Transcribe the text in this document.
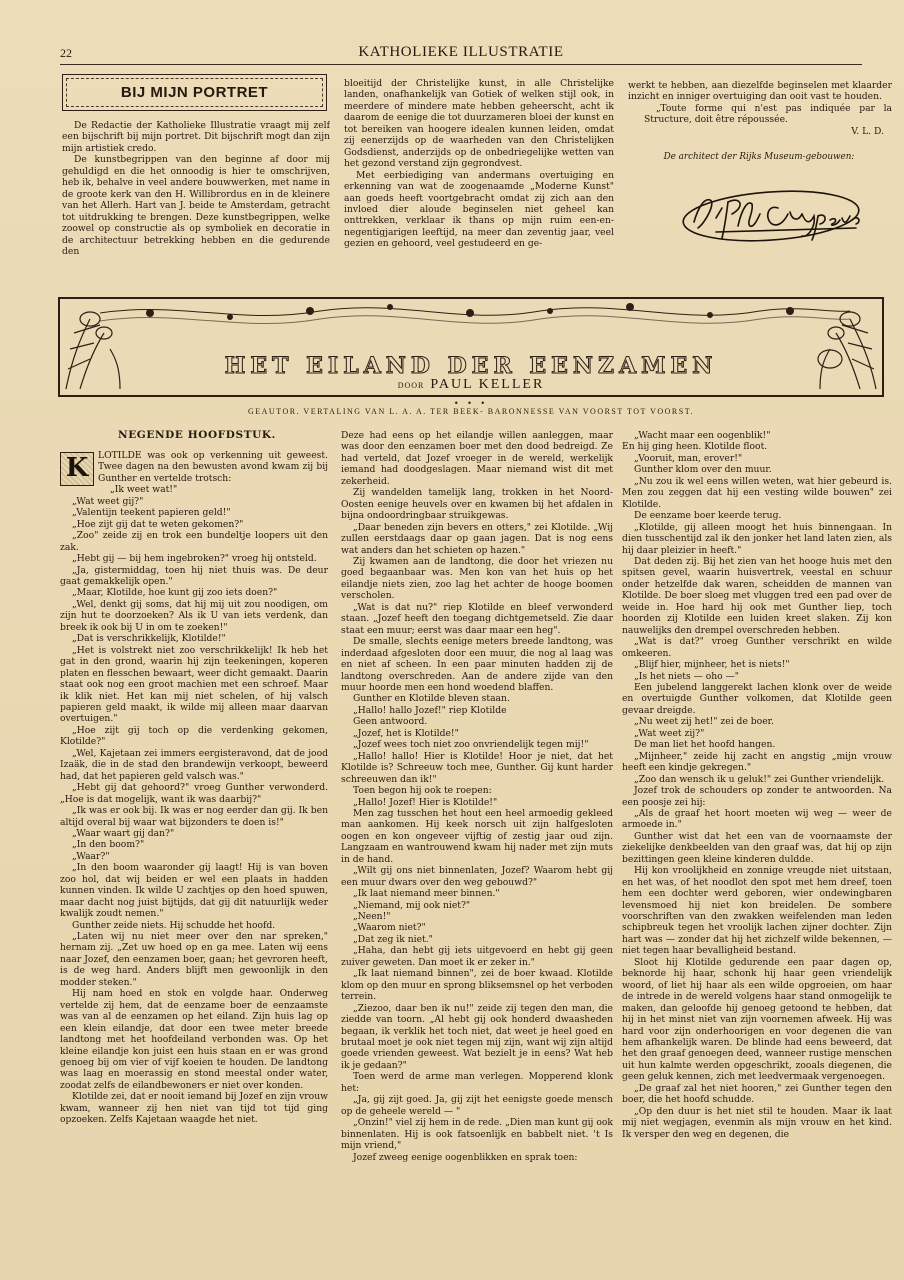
22	KATHOLIEKE ILLUSTRATIE
BIJ MIJN PORTRET

De Redactie der Katholieke Illustratie vraagt mij zelf een bijschrift bij mijn portret. Dit bijschrift mogt dan zijn mijn artistiek credo.

De kunstbegrippen van den beginne af door mij gehuldigd en die het onnoodig is hier te omschrijven, heb ik, behalve in veel andere bouwwerken, met name in de groote kerk van den H. Willibrordus en in de kleinere van het Allerh. Hart van J. beide te Amsterdam, getracht tot uitdrukking te brengen. Deze kunstbegrippen, welke zoowel op constructie als op symboliek en decoratie in de architectuur betrekking hebben en die gedurende den

bloeitijd der Christelijke kunst, in alle Christelijke landen, onafhankelijk van Gotiek of welken stijl ook, in meerdere of mindere mate hebben geheerscht, acht ik daarom de eenige die tot duurzameren bloei der kunst en tot bereiken van hoogere idealen kunnen leiden, omdat zij eenerzijds op de waarheden van den Christelijken Godsdienst, anderzijds op de onbedriegelijke wetten van het gezond verstand zijn gegrondvest.

Met eerbiediging van andermans overtuiging en erkenning van wat de zoogenaamde „Moderne Kunst" aan goeds heeft voortgebracht omdat zij zich aan den invloed dier aloude beginselen niet geheel kan onttrekken, verklaar ik thans op mijn ruim een-en-negentigjarigen leeftijd, na meer dan zeventig jaar, veel gezien en gehoord, veel gestudeerd en ge-

werkt te hebben, aan diezelfde beginselen met klaarder inzicht en inniger overtuiging dan ooit vast te houden.

„Toute forme qui n'est pas indiquée par la Structure, doit être répoussée.

V. L. D.
De architect der Rijks Museum-gebouwen:
HET EILAND DER EENZAMEN
DOOR PAUL KELLER
• • •
GEAUTOR. VERTALING VAN L. A. A. TER BEEK- BARONNESSE VAN VOORST TOT VOORST.
NEGENDE HOOFDSTUK.
K	LOTILDE was ook op verkenning uit geweest. Twee dagen na den bewusten avond kwam zij bij Gunther en vertelde trotsch:

„Ik weet wat!"

„Wat weet gij?"

„Valentijn teekent papieren geld!"

„Hoe zijt gij dat te weten gekomen?"

„Zoo" zeide zij en trok een bundeltje loopers uit den zak.

„Hebt gij — bij hem ingebroken?" vroeg hij ontsteld.

„Ja, gistermiddag, toen hij niet thuis was. De deur gaat gemakkelijk open."

„Maar, Klotilde, hoe kunt gij zoo iets doen?"

„Wel, denkt gij soms, dat hij mij uit zou noodigen, om zijn hut te doorzoeken? Als ik U van iets verdenk, dan breek ik ook bij U in om te zoeken!"

„Dat is verschrikkelijk, Klotilde!"

„Het is volstrekt niet zoo verschrikkelijk! Ik heb het gat in den grond, waarin hij zijn teekeningen, koperen platen en flesschen bewaart, weer dicht gemaakt. Daarin staat ook nog een groot machien met een schroef. Maar ik klik niet. Het kan mij niet schelen, of hij valsch papieren geld maakt, ik wilde mij alleen maar daarvan overtuigen."

„Hoe zijt gij toch op die verdenking gekomen, Klotilde?"

„Wel, Kajetaan zei immers eergisteravond, dat de jood Izaäk, die in de stad den brandewijn verkoopt, beweerd had, dat het papieren geld valsch was."

„Hebt gij dat gehoord?" vroeg Gunther verwonderd. „Hoe is dat mogelijk, want ik was daarbij?"

„Ik was er ook bij. Ik was er nog eerder dan gij. Ik ben altijd overal bij waar wat bijzonders te doen is!"

„Waar waart gij dan?"

„In den boom?"

„Waar?"

„In den boom waaronder gij laagt! Hij is van boven zoo hol, dat wij beiden er wel een plaats in hadden kunnen vinden. Ik wilde U zachtjes op den hoed spuwen, maar dacht nog juist bijtijds, dat gij dit natuurlijk weder kwalijk zoudt nemen."

Gunther zeide niets. Hij schudde het hoofd.

„Laten wij nu niet meer over den nar spreken," hernam zij. „Zet uw hoed op en ga mee. Laten wij eens naar Jozef, den eenzamen boer, gaan; het gevroren heeft, is de weg hard. Anders blijft men gewoonlijk in den modder steken."

Hij nam hoed en stok en volgde haar. Onderweg vertelde zij hem, dat de eenzame boer de eenzaamste was van al de eenzamen op het eiland. Zijn huis lag op een klein eilandje, dat door een twee meter breede landtong met het hoofdeiland verbonden was. Op het kleine eilandje kon juist een huis staan en er was grond genoeg bij om vier of vijf koeien te houden. De landtong was laag en moerassig en stond meestal onder water, zoodat zelfs de eilandbewoners er niet over konden.

Klotilde zei, dat er nooit iemand bij Jozef en zijn vrouw kwam, wanneer zij hen niet van tijd tot tijd ging opzoeken. Zelfs Kajetaan waagde het niet.

Deze had eens op het eilandje willen aanleggen, maar was door den eenzamen boer met den dood bedreigd. Ze had verteld, dat Jozef vroeger in de wereld, werkelijk iemand had doodgeslagen. Maar niemand wist dit met zekerheid.

Zij wandelden tamelijk lang, trokken in het Noord-Oosten eenige heuvels over en kwamen bij het afdalen in bijna ondoordringbaar struikgewas.

„Daar beneden zijn bevers en otters," zei Klotilde. „Wij zullen eerstdaags daar op gaan jagen. Dat is nog eens wat anders dan het schieten op hazen."

Zij kwamen aan de landtong, die door het vriezen nu goed begaanbaar was. Men kon van het huis op het eilandje niets zien, zoo lag het achter de hooge boomen verscholen.

„Wat is dat nu?" riep Klotilde en bleef verwonderd staan. „Jozef heeft den toegang dichtgemetseld. Zie daar staat een muur; eerst was daar maar een heg".

De smalle, slechts eenige meters breede landtong, was inderdaad afgesloten door een muur, die nog al laag was en niet af scheen. In een paar minuten hadden zij de landtong overschreden. Aan de andere zijde van den muur hoorde men een hond woedend blaffen.

Gunther en Klotilde bleven staan.

„Hallo! hallo Jozef!" riep Klotilde

Geen antwoord.

„Jozef, het is Klotilde!"

„Jozef wees toch niet zoo onvriendelijk tegen mij!"

„Hallo! hallo! Hier is Klotilde! Hoor je niet, dat het Klotilde is? Schreeuw toch mee, Gunther. Gij kunt harder schreeuwen dan ik!"

Toen begon hij ook te roepen:

„Hallo! Jozef! Hier is Klotilde!"

Men zag tusschen het hout een heel armoedig gekleed man aankomen. Hij keek norsch uit zijn halfgesloten oogen en kon ongeveer vijftig of zestig jaar oud zijn. Langzaam en wantrouwend kwam hij nader met zijn muts in de hand.

„Wilt gij ons niet binnenlaten, Jozef? Waarom hebt gij een muur dwars over den weg gebouwd?"

„Ik laat niemand meer binnen."

„Niemand, mij ook niet?"

„Neen!"

„Waarom niet?"

„Dat zeg ik niet."

„Haha, dan hebt gij iets uitgevoerd en hebt gij geen zuiver geweten. Dan moet ik er zeker in."

„Ik laat niemand binnen", zei de boer kwaad. Klotilde klom op den muur en sprong bliksemsnel op het verboden terrein.

„Ziezoo, daar ben ik nu!" zeide zij tegen den man, die ziedde van toorn. „Al hebt gij ook honderd dwaasheden begaan, ik verklik het toch niet, dat weet je heel goed en brutaal moet je ook niet tegen mij zijn, want wij zijn altijd goede vrienden geweest. Wat bezielt je in eens? Wat heb ik je gedaan?"

Toen werd de arme man verlegen. Mopperend klonk het:

„Ja, gij zijt goed. Ja, gij zijt het eenigste goede mensch op de geheele wereld — "

„Onzin!" viel zij hem in de rede. „Dien man kunt gij ook binnenlaten. Hij is ook fatsoenlijk en babbelt niet. 't Is mijn vriend,"

Jozef zweeg eenige oogenblikken en sprak toen:

„Wacht maar een oogenblik!"

En hij ging heen. Klotilde floot.

„Vooruit, man, erover!"

Gunther klom over den muur.

„Nu zou ik wel eens willen weten, wat hier gebeurd is. Men zou zeggen dat hij een vesting wilde bouwen" zei Klotilde.

De eenzame boer keerde terug.

„Klotilde, gij alleen moogt het huis binnengaan. In dien tusschentijd zal ik den jonker het land laten zien, als hij daar pleizier in heeft."

Dat deden zij. Bij het zien van het hooge huis met den spitsen gevel, waarin huisvertrek, veestal en schuur onder hetzelfde dak waren, scheidden de mannen van Klotilde. De boer sloeg met vluggen tred een pad over de weide in. Hoe hard hij ook met Gunther liep, toch hoorden zij Klotilde een luiden kreet slaken. Zij kon nauwelijks den drempel overschreden hebben.

„Wat is dat?" vroeg Gunther verschrikt en wilde omkeeren.

„Blijf hier, mijnheer, het is niets!"

„Is het niets — oho —"

Een jubelend langgerekt lachen klonk over de weide en overtuigde Gunther volkomen, dat Klotilde geen gevaar dreigde.

„Nu weet zij het!" zei de boer.

„Wat weet zij?"

De man liet het hoofd hangen.

„Mijnheer," zeide hij zacht en angstig „mijn vrouw heeft een kindje gekregen."

„Zoo dan wensch ik u geluk!" zei Gunther vriendelijk.

Jozef trok de schouders op zonder te antwoorden. Na een poosje zei hij:

„Als de graaf het hoort moeten wij weg — weer de armoede in."

Gunther wist dat het een van de voornaamste der ziekelijke denkbeelden van den graaf was, dat hij op zijn bezittingen geen kleine kinderen duldde.

Hij kon vroolijkheid en zonnige vreugde niet uitstaan, en het was, of het noodlot den spot met hem dreef, toen hem een dochter werd geboren, wier ondewingbaren levensmoed hij niet kon breidelen. De sombere voorschriften van den zwakken weifelenden man leden schipbreuk tegen het vroolijk lachen zijner dochter. Zijn hart was — zonder dat hij het zichzelf wilde bekennen, — niet tegen haar bevalligheid bestand.

Sloot hij Klotilde gedurende een paar dagen op, beknorde hij haar, schonk hij haar geen vriendelijk woord, of liet hij haar als een wilde opgroeien, om haar de intrede in de wereld volgens haar stand onmogelijk te maken, dan geloofde hij genoeg getoond te hebben, dat hij in het minst niet van zijn voornemen afweek. Hij was hard voor zijn onderhoorigen en voor degenen die van hem afhankelijk waren. De blinde had eens beweerd, dat het den graaf genoegen deed, wanneer rustige menschen uit hun kalmte werden opgeschrikt, zooals diegenen, die geen geluk kennen, zich met leedvermaak vergenoegen.

„De graaf zal het niet hooren," zei Gunther tegen den boer, die het hoofd schudde.

„Op den duur is het niet stil te houden. Maar ik laat mij niet wegjagen, evenmin als mijn vrouw en het kind. Ik versper den weg en degenen, die
